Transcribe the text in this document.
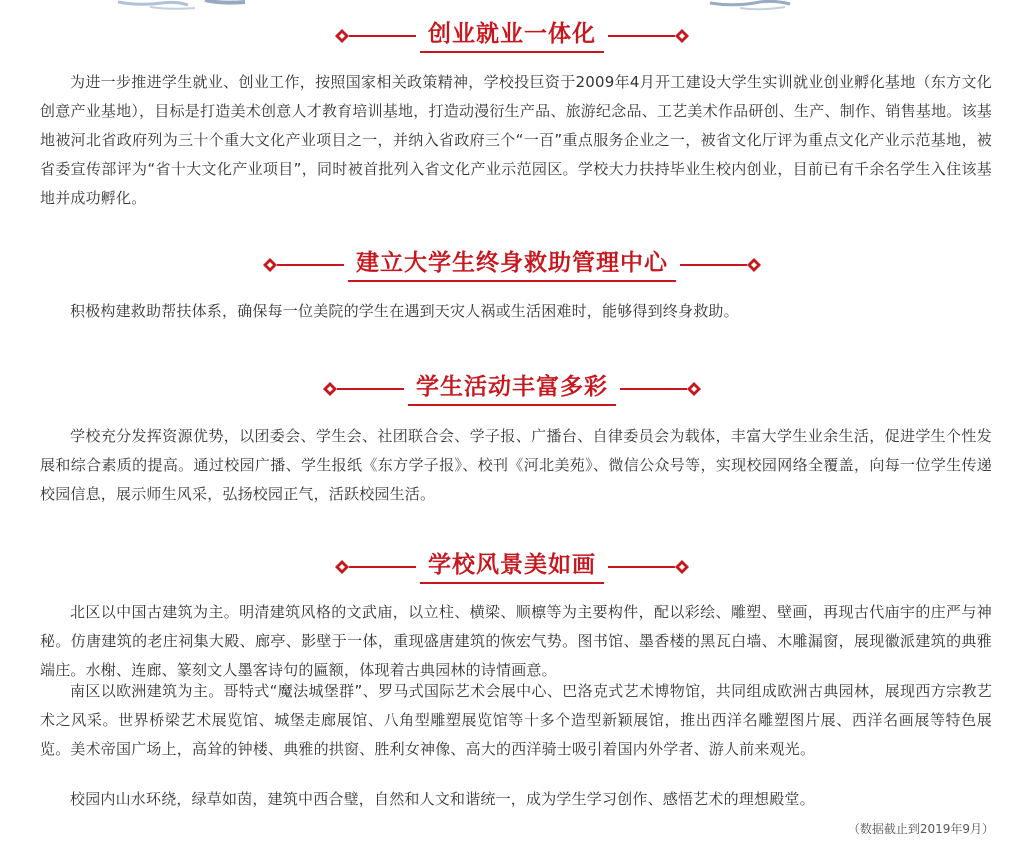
创业就业一体化

为进一步推进学生就业、创业工作，按照国家相关政策精神，学校投巨资于2009年4月开工建设大学生实训就业创业孵化基地（东方文化创意产业基地），目标是打造美术创意人才教育培训基地，打造动漫衍生产品、旅游纪念品、工艺美术作品研创、生产、制作、销售基地。该基地被河北省政府列为三十个重大文化产业项目之一，并纳入省政府三个“一百”重点服务企业之一，被省文化厅评为重点文化产业示范基地，被省委宣传部评为“省十大文化产业项目”，同时被首批列入省文化产业示范园区。学校大力扶持毕业生校内创业，目前已有千余名学生入住该基地并成功孵化。

建立大学生终身救助管理中心

积极构建救助帮扶体系，确保每一位美院的学生在遇到天灾人祸或生活困难时，能够得到终身救助。

学生活动丰富多彩

学校充分发挥资源优势，以团委会、学生会、社团联合会、学子报、广播台、自律委员会为载体，丰富大学生业余生活，促进学生个性发展和综合素质的提高。通过校园广播、学生报纸《东方学子报》、校刊《河北美苑》、微信公众号等，实现校园网络全覆盖，向每一位学生传递校园信息，展示师生风采，弘扬校园正气，活跃校园生活。

学校风景美如画

北区以中国古建筑为主。明清建筑风格的文武庙，以立柱、横梁、顺檩等为主要构件，配以彩绘、雕塑、壁画，再现古代庙宇的庄严与神秘。仿唐建筑的老庄祠集大殿、廊亭、影壁于一体，重现盛唐建筑的恢宏气势。图书馆、墨香楼的黑瓦白墙、木雕漏窗，展现徽派建筑的典雅端庄。水榭、连廊、篆刻文人墨客诗句的匾额，体现着古典园林的诗情画意。

南区以欧洲建筑为主。哥特式“魔法城堡群”、罗马式国际艺术会展中心、巴洛克式艺术博物馆，共同组成欧洲古典园林，展现西方宗教艺术之风采。世界桥梁艺术展览馆、城堡走廊展馆、八角型雕塑展览馆等十多个造型新颖展馆，推出西洋名雕塑图片展、西洋名画展等特色展览。美术帝国广场上，高耸的钟楼、典雅的拱窗、胜利女神像、高大的西洋骑士吸引着国内外学者、游人前来观光。

校园内山水环绕，绿草如茵，建筑中西合璧，自然和人文和谐统一，成为学生学习创作、感悟艺术的理想殿堂。

（数据截止到2019年9月）
